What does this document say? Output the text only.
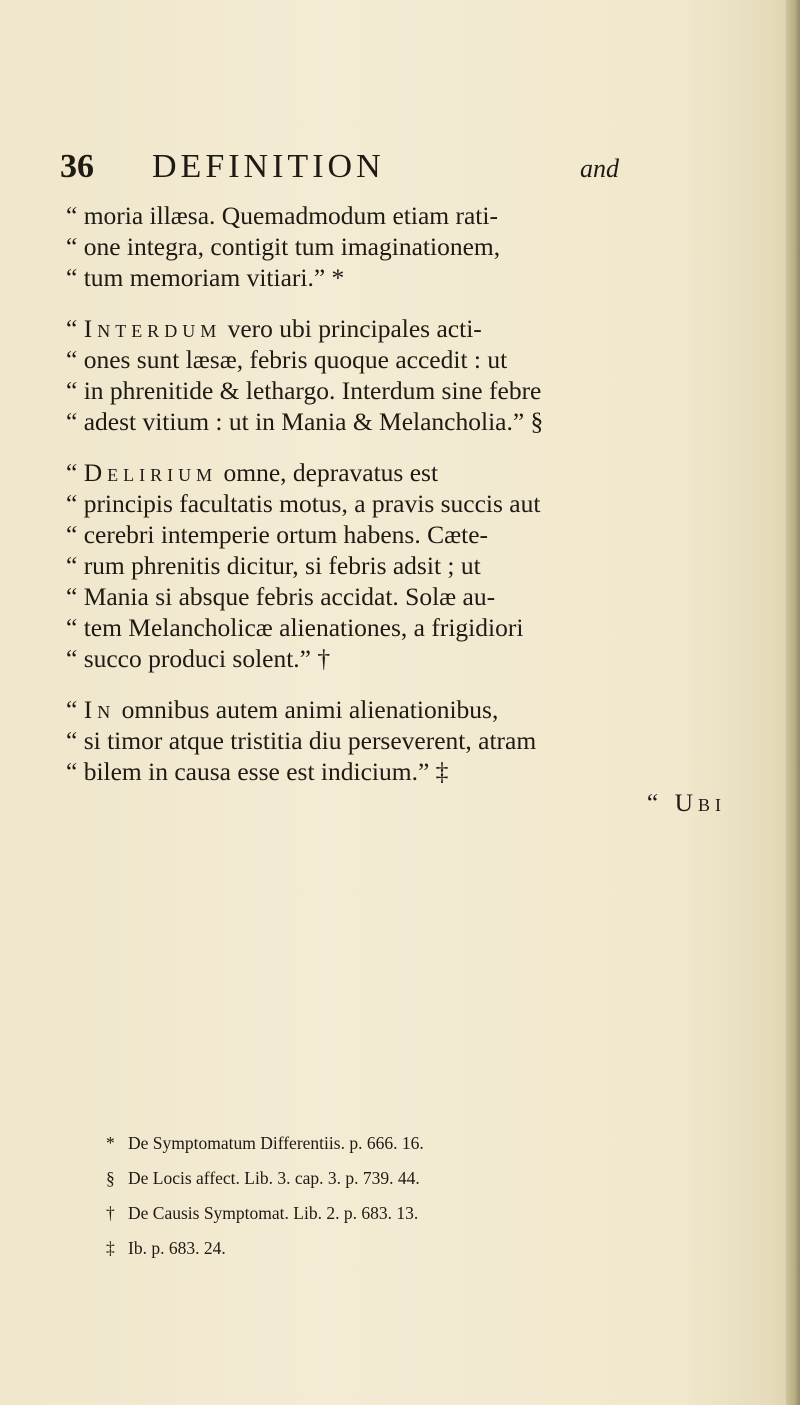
36 DEFINITION	and
“ moria illæsa. Quemadmodum etiam rati-
“ one integra, contigit tum imaginationem,
“ tum memoriam vitiari.” *
“ Interdum vero ubi principales acti-
“ ones sunt læsæ, febris quoque accedit : ut
“ in phrenitide & lethargo. Interdum sine febre
“ adest vitium : ut in Mania & Melancholia.” §
“ Delirium omne, depravatus est
“ principis facultatis motus, a pravis succis aut
“ cerebri intemperie ortum habens. Cæte-
“ rum phrenitis dicitur, si febris adsit ; ut
“ Mania si absque febris accidat. Solæ au-
“ tem Melancholicæ alienationes, a frigidiori
“ succo produci solent.” †
“ In omnibus autem animi alienationibus,
“ si timor atque tristitia diu perseverent, atram
“ bilem in causa esse est indicium.” ‡
“ Ubi
* De Symptomatum Differentiis. p. 666. 16.
§ De Locis affect. Lib. 3. cap. 3. p. 739. 44.
† De Causis Symptomat. Lib. 2. p. 683. 13.
‡ Ib. p. 683. 24.
